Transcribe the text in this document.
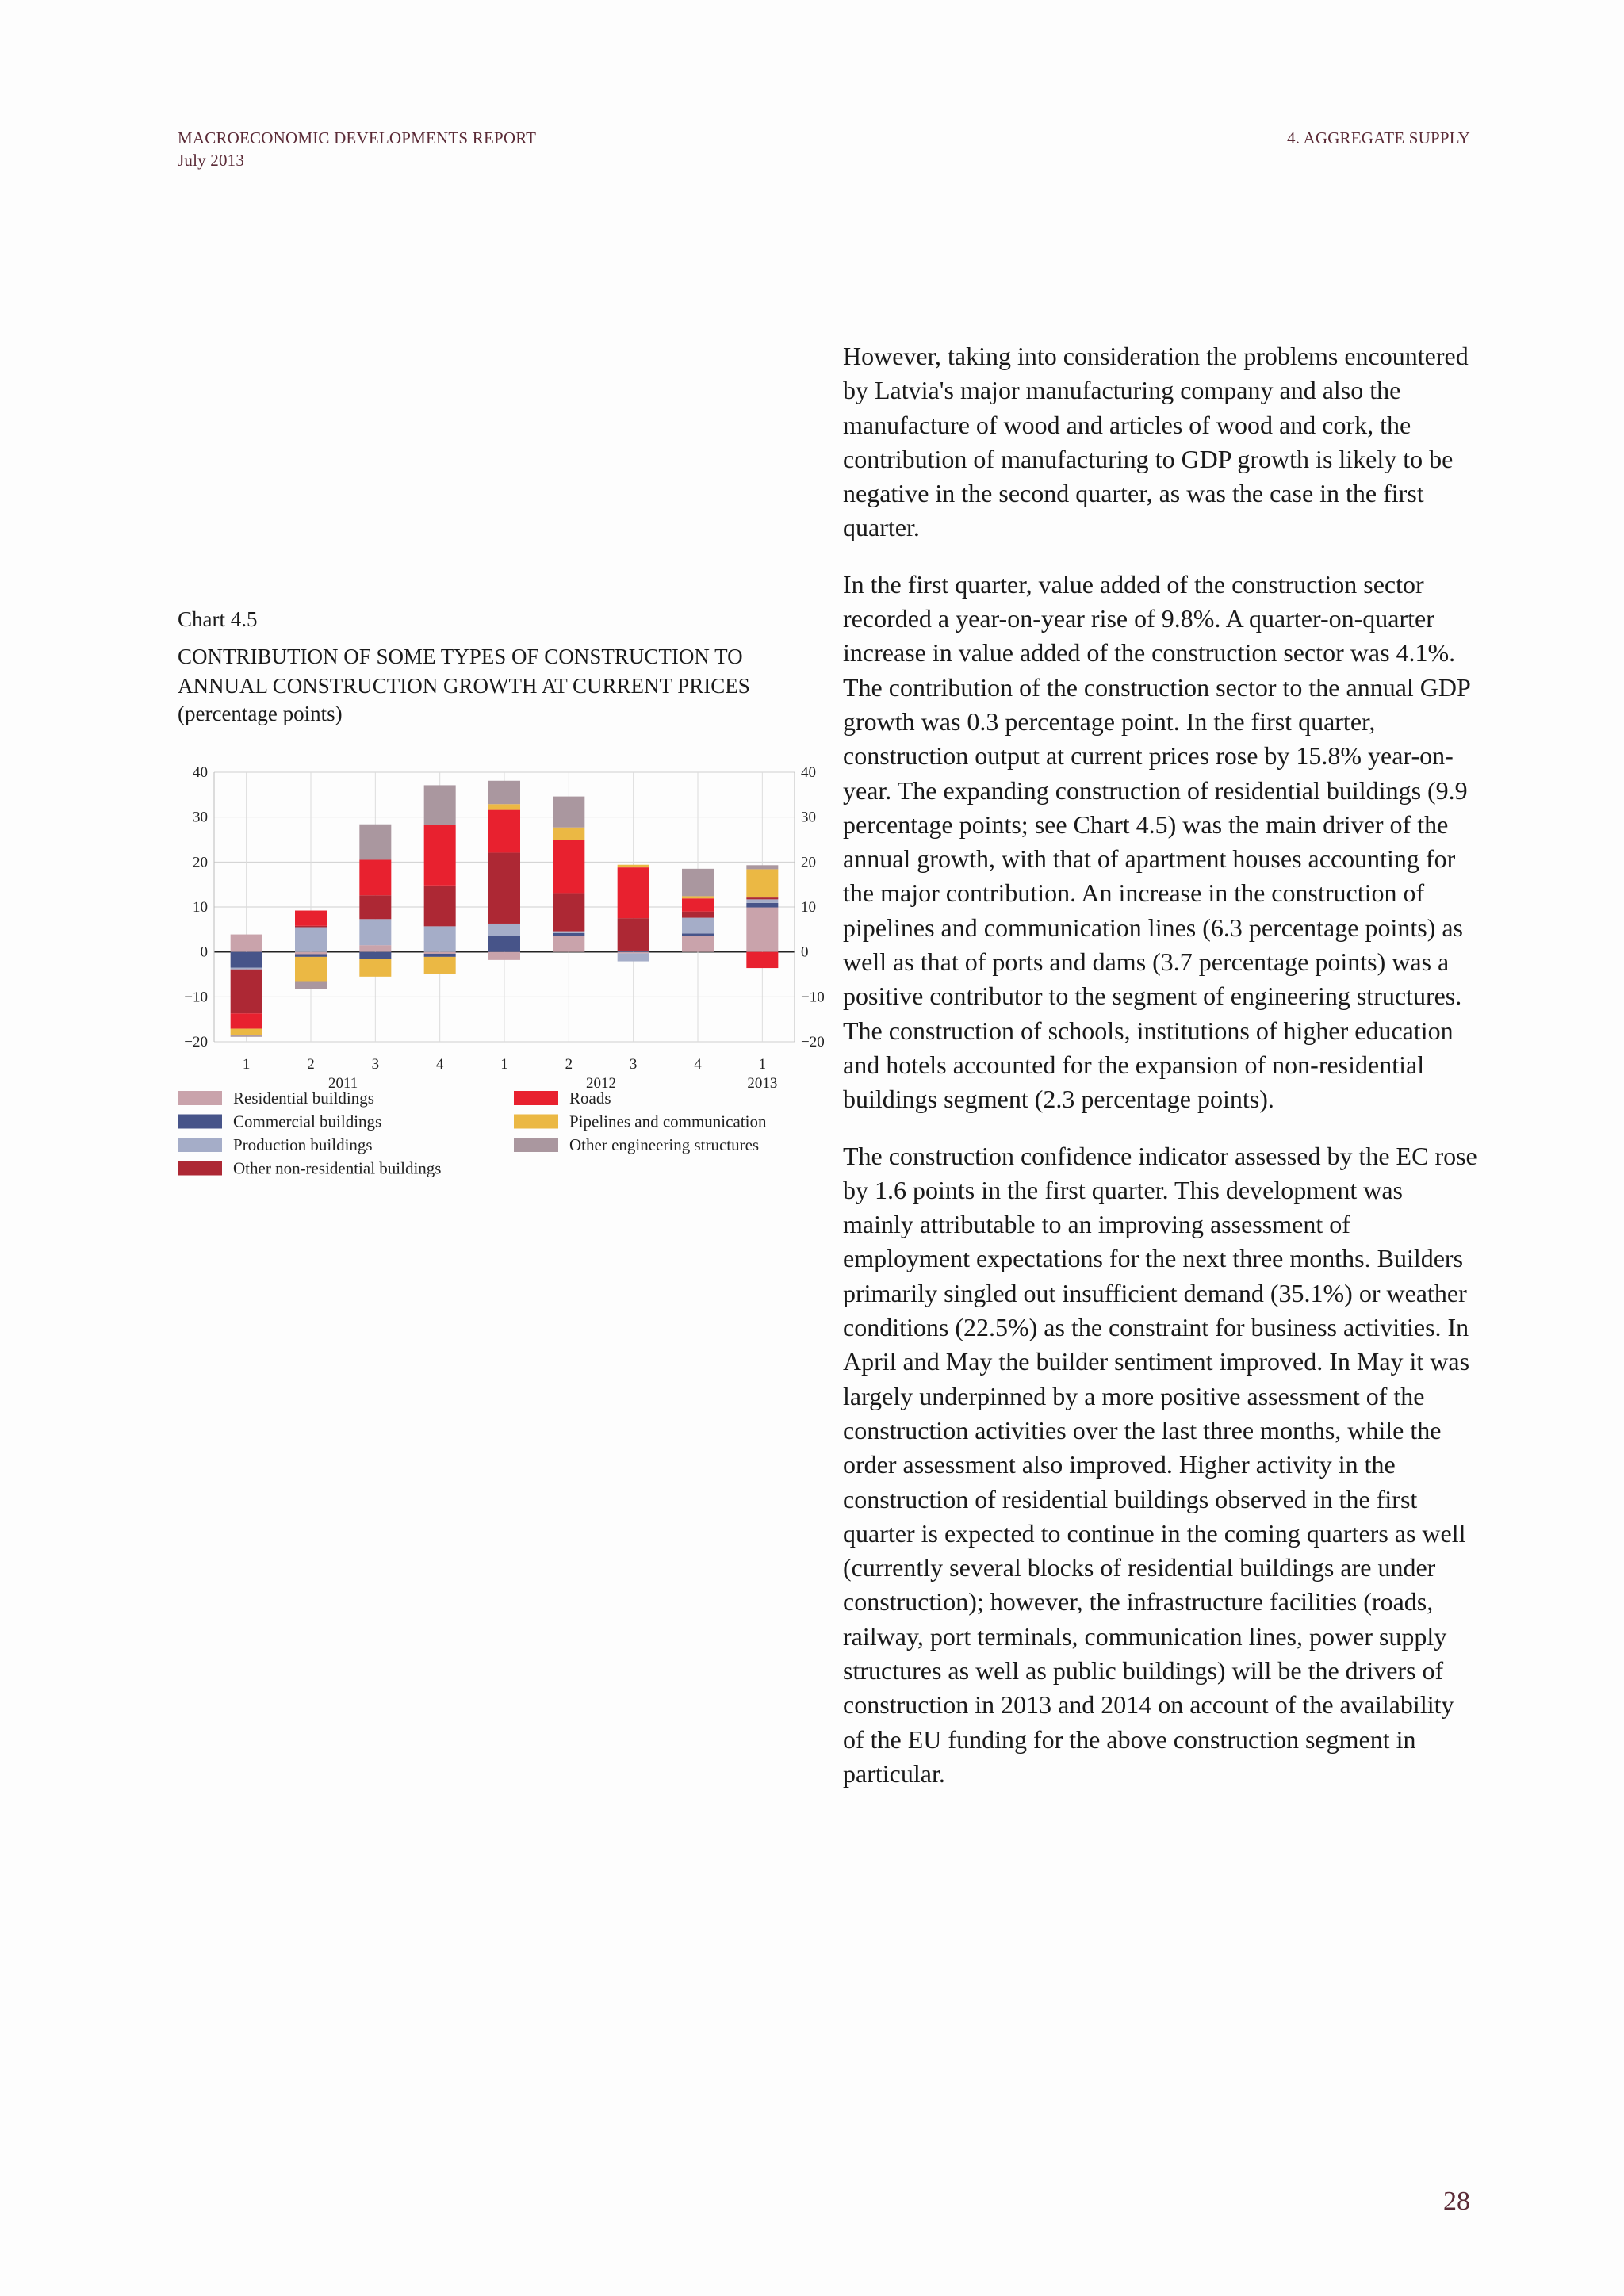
MACROECONOMIC DEVELOPMENTS REPORT
July 2013
4. AGGREGATE SUPPLY

However, taking into consideration the problems encountered by Latvia's major manufacturing company and also the manufacture of wood and articles of wood and cork, the contribution of manufacturing to GDP growth is likely to be negative in the second quarter, as was the case in the first quarter.

In the first quarter, value added of the construction sector recorded a year-on-year rise of 9.8%. A quarter-on-quarter increase in value added of the construction sector was 4.1%. The contribution of the construction sector to the annual GDP growth was 0.3 percentage point. In the first quarter, construction output at current prices rose by 15.8% year-on-year. The expanding construction of residential buildings (9.9 percentage points; see Chart 4.5) was the main driver of the annual growth, with that of apartment houses accounting for the major contribution. An increase in the construction of pipelines and communication lines (6.3 percentage points) as well as that of ports and dams (3.7 percentage points) was a positive contributor to the segment of engineering structures. The construction of schools, institutions of higher education and hotels accounted for the expansion of non-residential buildings segment (2.3 percentage points).

The construction confidence indicator assessed by the EC rose by 1.6 points in the first quarter. This development was mainly attributable to an improving assessment of employment expectations for the next three months. Builders primarily singled out insufficient demand (35.1%) or weather conditions (22.5%) as the constraint for business activities. In April and May the builder sentiment improved. In May it was largely underpinned by a more positive assessment of the construction activities over the last three months, while the order assessment also improved. Higher activity in the construction of residential buildings observed in the first quarter is expected to continue in the coming quarters as well (currently several blocks of residential buildings are under construction); however, the infrastructure facilities (roads, railway, port terminals, communication lines, power supply structures as well as public buildings) will be the drivers of construction in 2013 and 2014 on account of the availability of the EU funding for the above construction segment in particular.

Chart 4.5
CONTRIBUTION OF SOME TYPES OF CONSTRUCTION TO ANNUAL CONSTRUCTION GROWTH AT CURRENT PRICES
(percentage points)
40	40
30	30
20	20
10	10
0	0
−10	−10
−20	−20
1	2	3	4	1	2	3	4	1
2011	2012	2013
Residential buildings
Commercial buildings
Production buildings
Other non-residential buildings
Roads
Pipelines and communication
Other engineering structures
28
